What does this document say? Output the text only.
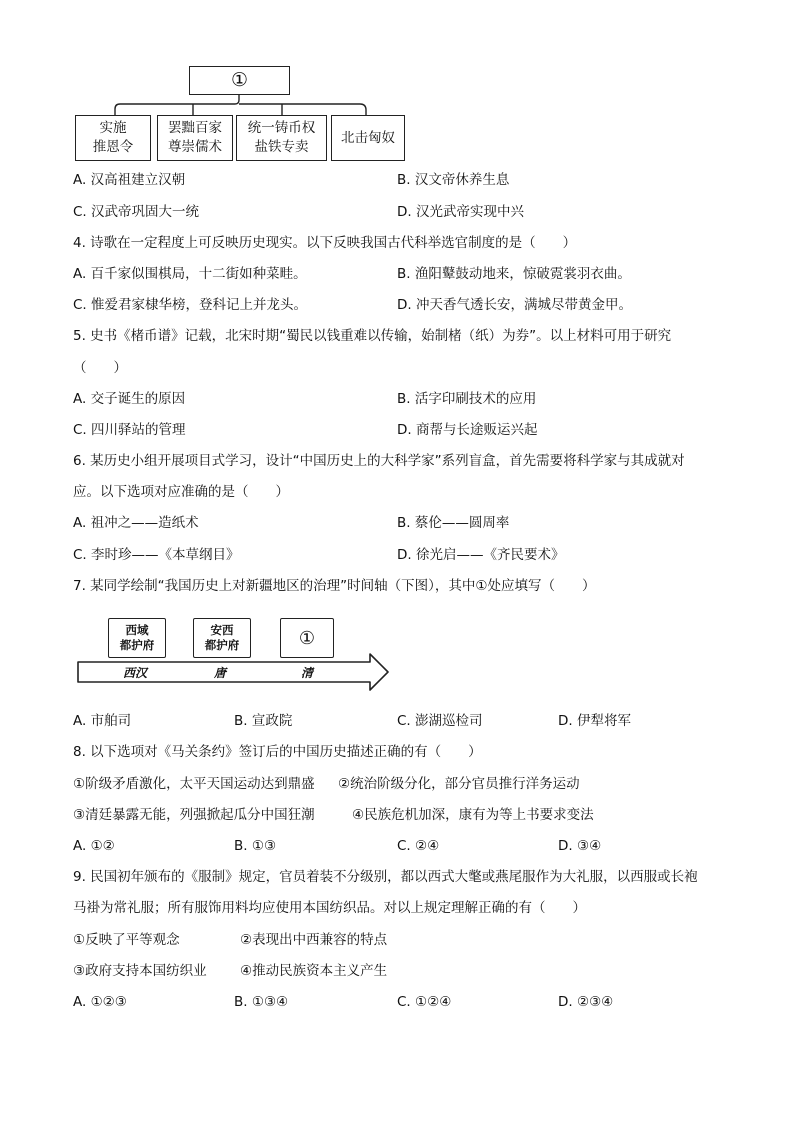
①
实施
推恩令
罢黜百家
尊崇儒术
统一铸币权
盐铁专卖
北击匈奴
A. 汉高祖建立汉朝	B. 汉文帝休养生息
C. 汉武帝巩固大一统	D. 汉光武帝实现中兴
4. 诗歌在一定程度上可反映历史现实。以下反映我国古代科举选官制度的是（　　）
A. 百千家似围棋局，十二街如种菜畦。	B. 渔阳鼙鼓动地来，惊破霓裳羽衣曲。
C. 惟爱君家棣华榜，登科记上并龙头。	D. 冲天香气透长安，满城尽带黄金甲。
5. 史书《楮币谱》记载，北宋时期“蜀民以钱重难以传输，始制楮（纸）为券”。以上材料可用于研究
（　　）
A. 交子诞生的原因	B. 活字印刷技术的应用
C. 四川驿站的管理	D. 商帮与长途贩运兴起
6. 某历史小组开展项目式学习，设计“中国历史上的大科学家”系列盲盒，首先需要将科学家与其成就对
应。以下选项对应准确的是（　　）
A. 祖冲之——造纸术	B. 蔡伦——圆周率
C. 李时珍——《本草纲目》	D. 徐光启——《齐民要术》
7. 某同学绘制“我国历史上对新疆地区的治理”时间轴（下图），其中①处应填写（　　）
西域
都护府
安西
都护府	①
西汉	唐	清
A. 市舶司	B. 宣政院	C. 澎湖巡检司	D. 伊犁将军
8. 以下选项对《马关条约》签订后的中国历史描述正确的有（　　）
①阶级矛盾激化，太平天国运动达到鼎盛 ②统治阶级分化，部分官员推行洋务运动
③清廷暴露无能，列强掀起瓜分中国狂潮	④民族危机加深，康有为等上书要求变法
A. ①②	B. ①③	C. ②④	D. ③④
9. 民国初年颁布的《服制》规定，官员着装不分级别，都以西式大氅或燕尾服作为大礼服，以西服或长袍
马褂为常礼服；所有服饰用料均应使用本国纺织品。对以上规定理解正确的有（　　）
①反映了平等观念	②表现出中西兼容的特点
③政府支持本国纺织业 ④推动民族资本主义产生
A. ①②③	B. ①③④	C. ①②④	D. ②③④
